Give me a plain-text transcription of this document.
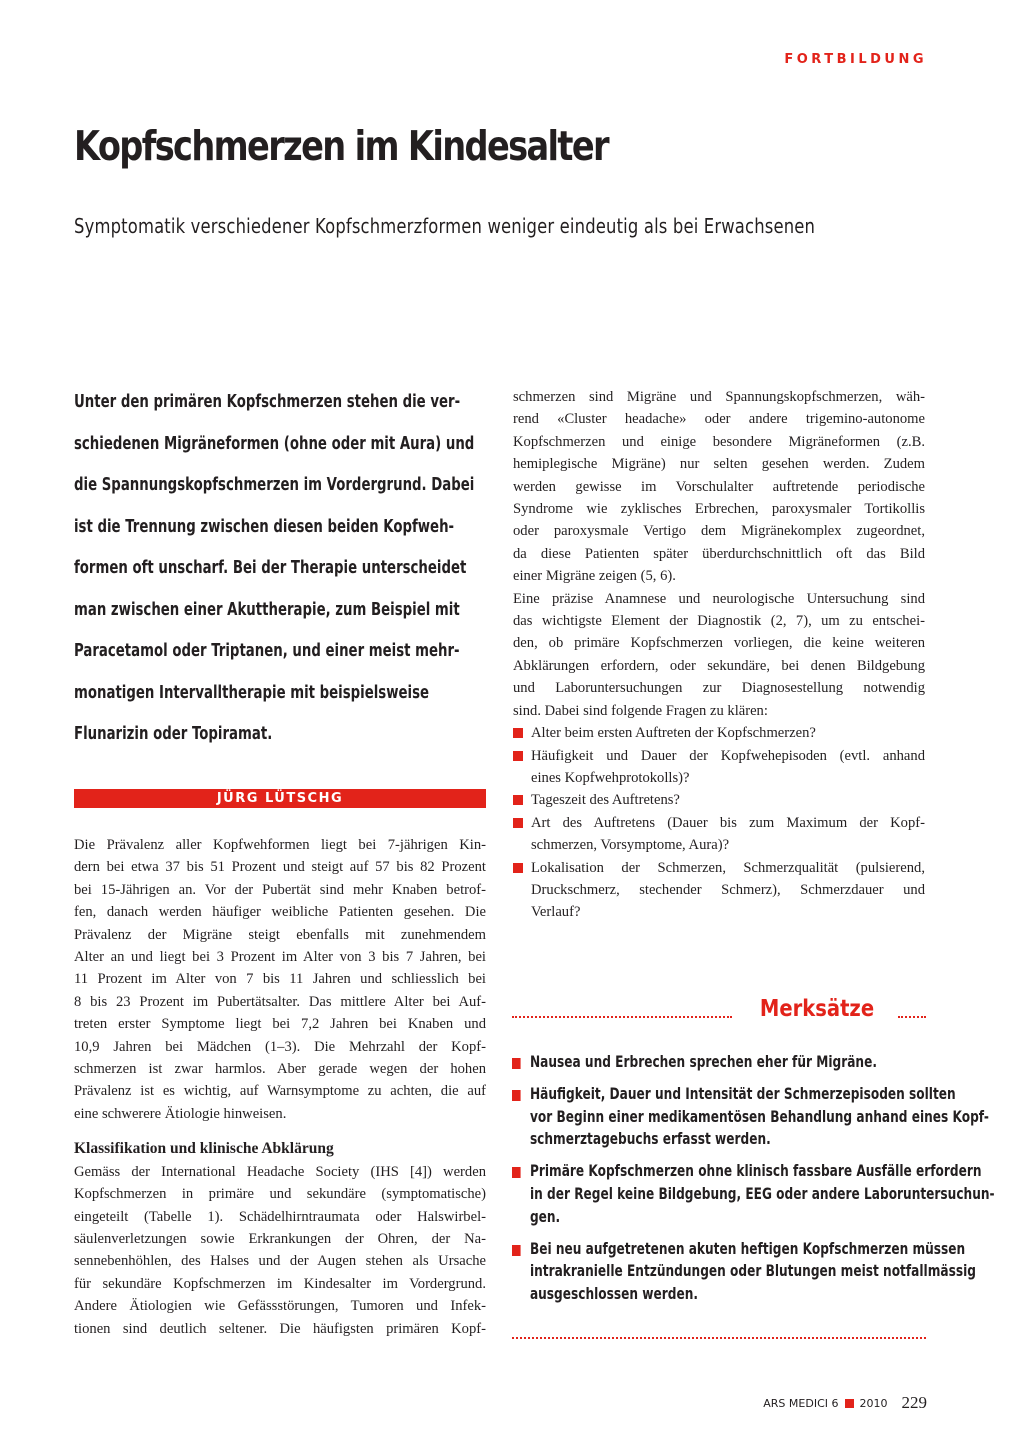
FORTBILDUNG
Kopfschmerzen im Kindesalter
Symptomatik verschiedener Kopfschmerzformen weniger eindeutig als bei Erwachsenen
Unter den primären Kopfschmerzen stehen die ver-
schiedenen Migräneformen (ohne oder mit Aura) und
die Spannungskopfschmerzen im Vordergrund. Dabei
ist die Trennung zwischen diesen beiden Kopfweh-
formen oft unscharf. Bei der Therapie unterscheidet
man zwischen einer Akuttherapie, zum Beispiel mit
Paracetamol oder Triptanen, und einer meist mehr-
monatigen Intervalltherapie mit beispielsweise
Flunarizin oder Topiramat.
JÜRG LÜTSCHG
Die Prävalenz aller Kopfwehformen liegt bei 7-jährigen Kin-
dern bei etwa 37 bis 51 Prozent und steigt auf 57 bis 82 Prozent
bei 15-Jährigen an. Vor der Pubertät sind mehr Knaben betrof-
fen, danach werden häufiger weibliche Patienten gesehen. Die
Prävalenz der Migräne steigt ebenfalls mit zunehmendem
Alter an und liegt bei 3 Prozent im Alter von 3 bis 7 Jahren, bei
11 Prozent im Alter von 7 bis 11 Jahren und schliesslich bei
8 bis 23 Prozent im Pubertätsalter. Das mittlere Alter bei Auf-
treten erster Symptome liegt bei 7,2 Jahren bei Knaben und
10,9 Jahren bei Mädchen (1–3). Die Mehrzahl der Kopf-
schmerzen ist zwar harmlos. Aber gerade wegen der hohen
Prävalenz ist es wichtig, auf Warnsymptome zu achten, die auf
eine schwerere Ätiologie hinweisen.
Klassifikation und klinische Abklärung
Gemäss der International Headache Society (IHS [4]) werden
Kopfschmerzen in primäre und sekundäre (symptomatische)
eingeteilt (Tabelle 1). Schädelhirntraumata oder Halswirbel-
säulenverletzungen sowie Erkrankungen der Ohren, der Na-
sennebenhöhlen, des Halses und der Augen stehen als Ursache
für sekundäre Kopfschmerzen im Kindesalter im Vordergrund.
Andere Ätiologien wie Gefässstörungen, Tumoren und Infek-
tionen sind deutlich seltener. Die häufigsten primären Kopf-
schmerzen sind Migräne und Spannungskopfschmerzen, wäh-
rend «Cluster headache» oder andere trigemino-autonome
Kopfschmerzen und einige besondere Migräneformen (z.B.
hemiplegische Migräne) nur selten gesehen werden. Zudem
werden gewisse im Vorschulalter auftretende periodische
Syndrome wie zyklisches Erbrechen, paroxysmaler Tortikollis
oder paroxysmale Vertigo dem Migränekomplex zugeordnet,
da diese Patienten später überdurchschnittlich oft das Bild
einer Migräne zeigen (5, 6).
Eine präzise Anamnese und neurologische Untersuchung sind
das wichtigste Element der Diagnostik (2, 7), um zu entschei-
den, ob primäre Kopfschmerzen vorliegen, die keine weiteren
Abklärungen erfordern, oder sekundäre, bei denen Bildgebung
und Laboruntersuchungen zur Diagnosestellung notwendig
sind. Dabei sind folgende Fragen zu klären:
Alter beim ersten Auftreten der Kopfschmerzen?
Häufigkeit und Dauer der Kopfwehepisoden (evtl. anhand
eines Kopfwehprotokolls)?
Tageszeit des Auftretens?
Art des Auftretens (Dauer bis zum Maximum der Kopf-
schmerzen, Vorsymptome, Aura)?
Lokalisation der Schmerzen, Schmerzqualität (pulsierend,
Druckschmerz, stechender Schmerz), Schmerzdauer und
Verlauf?
Merksätze
Nausea und Erbrechen sprechen eher für Migräne.
Häufigkeit, Dauer und Intensität der Schmerzepisoden sollten
vor Beginn einer medikamentösen Behandlung anhand eines Kopf-
schmerztagebuchs erfasst werden.
Primäre Kopfschmerzen ohne klinisch fassbare Ausfälle erfordern
in der Regel keine Bildgebung, EEG oder andere Laboruntersuchun-
gen.
Bei neu aufgetretenen akuten heftigen Kopfschmerzen müssen
intrakranielle Entzündungen oder Blutungen meist notfallmässig
ausgeschlossen werden.
ARS MEDICI 6 2010 229
